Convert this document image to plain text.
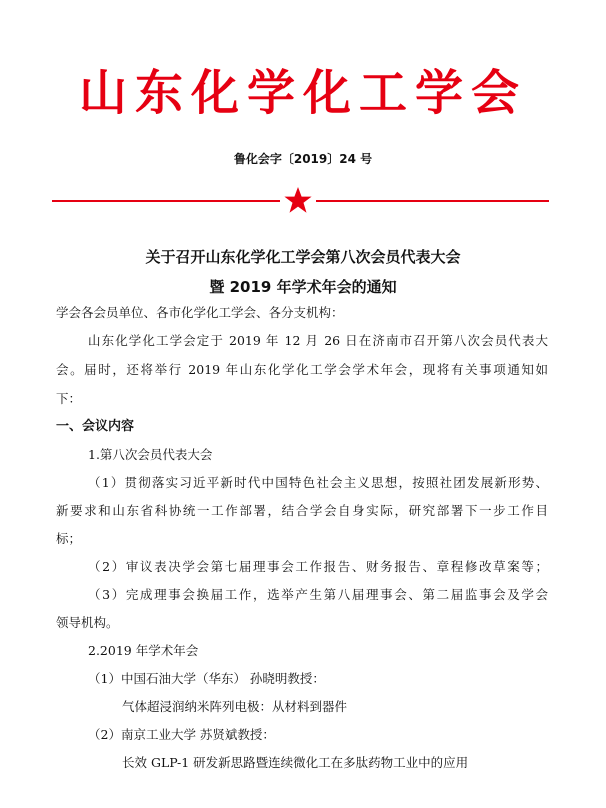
山东化学化工学会
鲁化会字〔2019〕24 号
关于召开山东化学化工学会第八次会员代表大会
暨 2019 年学术年会的通知
学会各会员单位、各市化学化工学会、各分支机构：
山东化学化工学会定于 2019 年 12 月 26 日在济南市召开第八次会员代表大
会。届时，还将举行 2019 年山东化学化工学会学术年会，现将有关事项通知如
下：
一、会议内容
1.第八次会员代表大会
（1）贯彻落实习近平新时代中国特色社会主义思想，按照社团发展新形势、
新要求和山东省科协统一工作部署，结合学会自身实际，研究部署下一步工作目
标；
（2）审议表决学会第七届理事会工作报告、财务报告、章程修改草案等；
（3）完成理事会换届工作，选举产生第八届理事会、第二届监事会及学会
领导机构。
2.2019 年学术年会
（1）中国石油大学（华东） 孙晓明教授：
气体超浸润纳米阵列电极：从材料到器件
（2）南京工业大学 苏贤斌教授：
长效 GLP-1 研发新思路暨连续微化工在多肽药物工业中的应用
